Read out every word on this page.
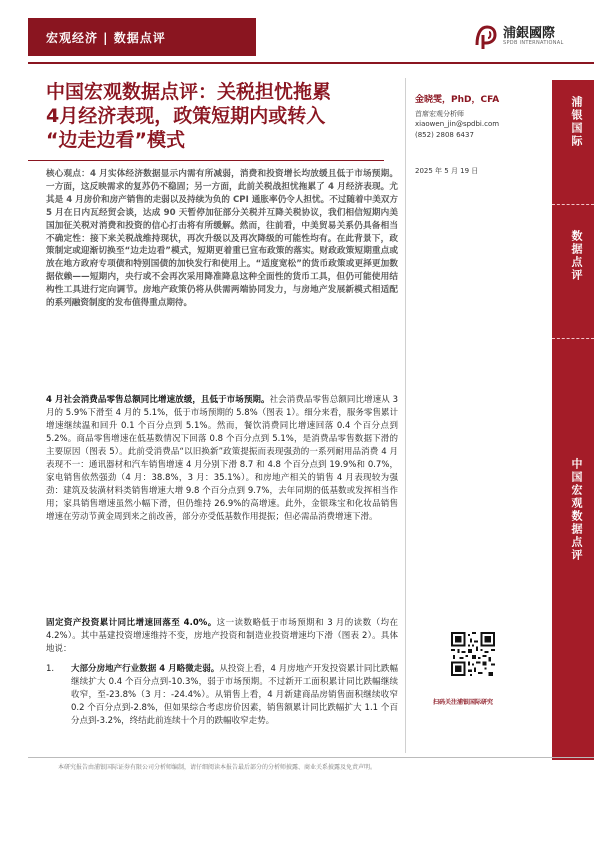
宏观经济 | 数据点评	浦銀國際
SPDB INTERNATIONAL
中国宏观数据点评：关税担忧拖累
4月经济表现，政策短期内或转入
“边走边看”模式
金晓雯，PhD，CFA
首席宏观分析师
xiaowen_jin@spdbi.com
(852) 2808 6437
2025 年 5 月 19 日
浦银国际
数据点评
中国宏观数据点评
扫码关注浦银国际研究
核心观点：4 月实体经济数据显示内需有所减弱，消费和投资增长均放缓且低于市场预期。一方面，这反映需求的复苏仍不稳固；另一方面，此前关税战担忧拖累了 4 月经济表现。尤其是 4 月房价和房产销售的走弱以及持续为负的 CPI 通胀率仍令人担忧。不过随着中美双方 5 月在日内瓦经贸会谈，达成 90 天暂停加征部分关税并互降关税协议，我们相信短期内美国加征关税对消费和投资的信心打击将有所缓解。然而，往前看，中美贸易关系仍具备相当不确定性：接下来关税战维持现状，再次升级以及再次降级的可能性均有。在此背景下，政策制定或迎渐切换至“边走边看”模式，短期更着重已宣布政策的落实。财政政策短期重点或放在地方政府专项债和特别国债的加快发行和使用上。“适度宽松”的货币政策或更择更加数据依赖——短期内，央行或不会再次采用降准降息这种全面性的货币工具，但仍可能使用结构性工具进行定向调节。房地产政策仍将从供需两端协同发力，与房地产发展新模式相适配的系列融资制度的发布值得重点期待。
4 月社会消费品零售总额同比增速放缓，且低于市场预期。社会消费品零售总额同比增速从 3 月的 5.9%下滑至 4 月的 5.1%，低于市场预期的 5.8%（图表 1）。细分来看，服务零售累计增速继续温和回升 0.1 个百分点到 5.1%。然而，餐饮消费同比增速回落 0.4 个百分点到 5.2%。商品零售增速在低基数情况下回落 0.8 个百分点到 5.1%，是消费品零售数据下滑的主要原因（图表 5）。此前受消费品“以旧换新”政策提振而表现强劲的一系列耐用品消费 4 月表现不一：通讯器材和汽车销售增速 4 月分别下滑 8.7 和 4.8 个百分点到 19.9%和 0.7%，家电销售依然强劲（4 月：38.8%，3 月：35.1%）。和房地产相关的销售 4 月表现较为强劲：建筑及装潢材料类销售增速大增 9.8 个百分点到 9.7%，去年同期的低基数或发挥相当作用；家具销售增速虽然小幅下滑，但仍维持 26.9%的高增速。此外，金银珠宝和化妆品销售增速在劳动节黄金周到来之前改善，部分亦受低基数作用提振；但必需品消费增速下滑。
固定资产投资累计同比增速回落至 4.0%。这一读数略低于市场预期和 3 月的读数（均在 4.2%）。其中基建投资增速维持不变，房地产投资和制造业投资增速均下滑（图表 2）。具体地说：
1. 大部分房地产行业数据 4 月略微走弱。从投资上看，4 月房地产开发投资累计同比跌幅继续扩大 0.4 个百分点到-10.3%，弱于市场预期。不过新开工面积累计同比跌幅继续收窄，至-23.8%（3 月：-24.4%）。从销售上看，4 月新建商品房销售面积继续收窄 0.2 个百分点到-2.8%，但如果综合考虑房价因素，销售额累计同比跌幅扩大 1.1 个百分点到-3.2%，终结此前连续十个月的跌幅收窄走势。
本研究报告由浦银国际证券有限公司分析师编制，请仔细阅读本报告最后部分的分析师披露、商业关系披露及免责声明。
